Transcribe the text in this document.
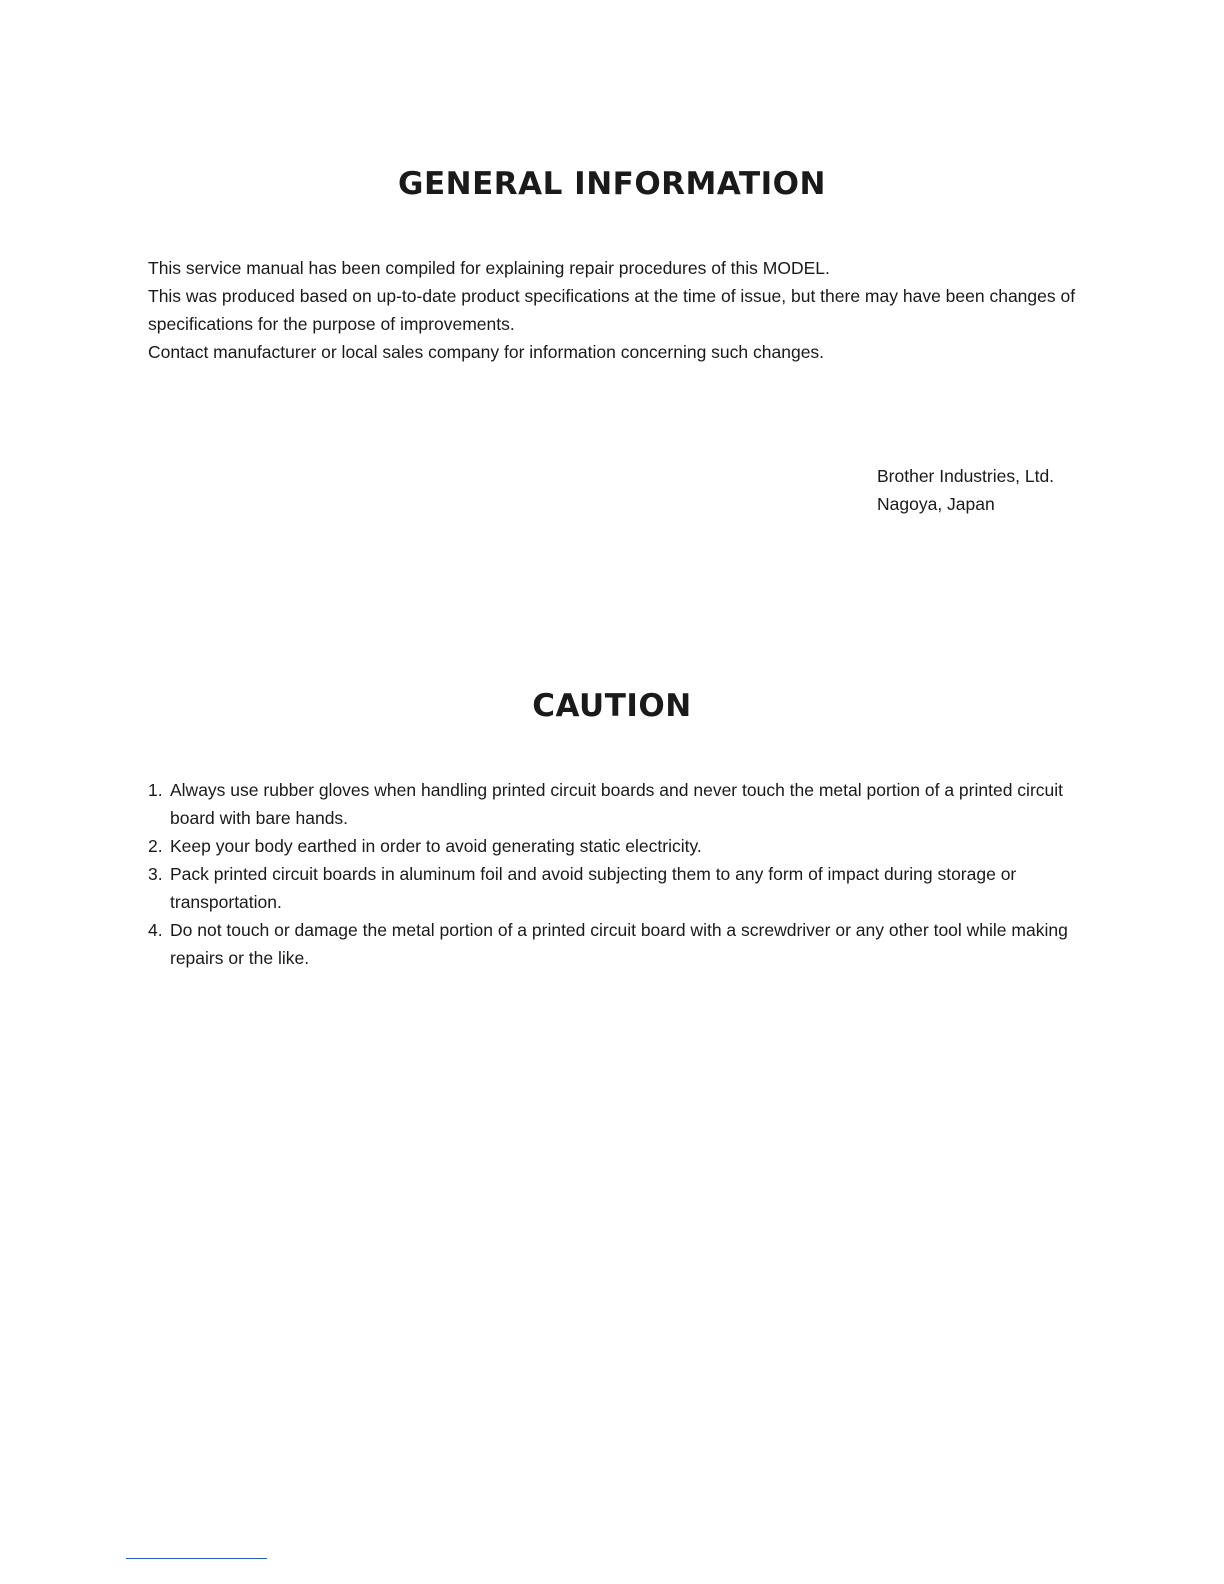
GENERAL INFORMATION

This service manual has been compiled for explaining repair procedures of this MODEL.

This was produced based on up-to-date product specifications at the time of issue, but there may have been changes of specifications for the purpose of improvements.

Contact manufacturer or local sales company for information concerning such changes.

Brother Industries, Ltd.
Nagoya, Japan
CAUTION
1. Always use rubber gloves when handling printed circuit boards and never touch the metal portion of a printed circuit board with bare hands.
2. Keep your body earthed in order to avoid generating static electricity.
3. Pack printed circuit boards in aluminum foil and avoid subjecting them to any form of impact during storage or transportation.
4. Do not touch or damage the metal portion of a printed circuit board with a screwdriver or any other tool while making repairs or the like.
